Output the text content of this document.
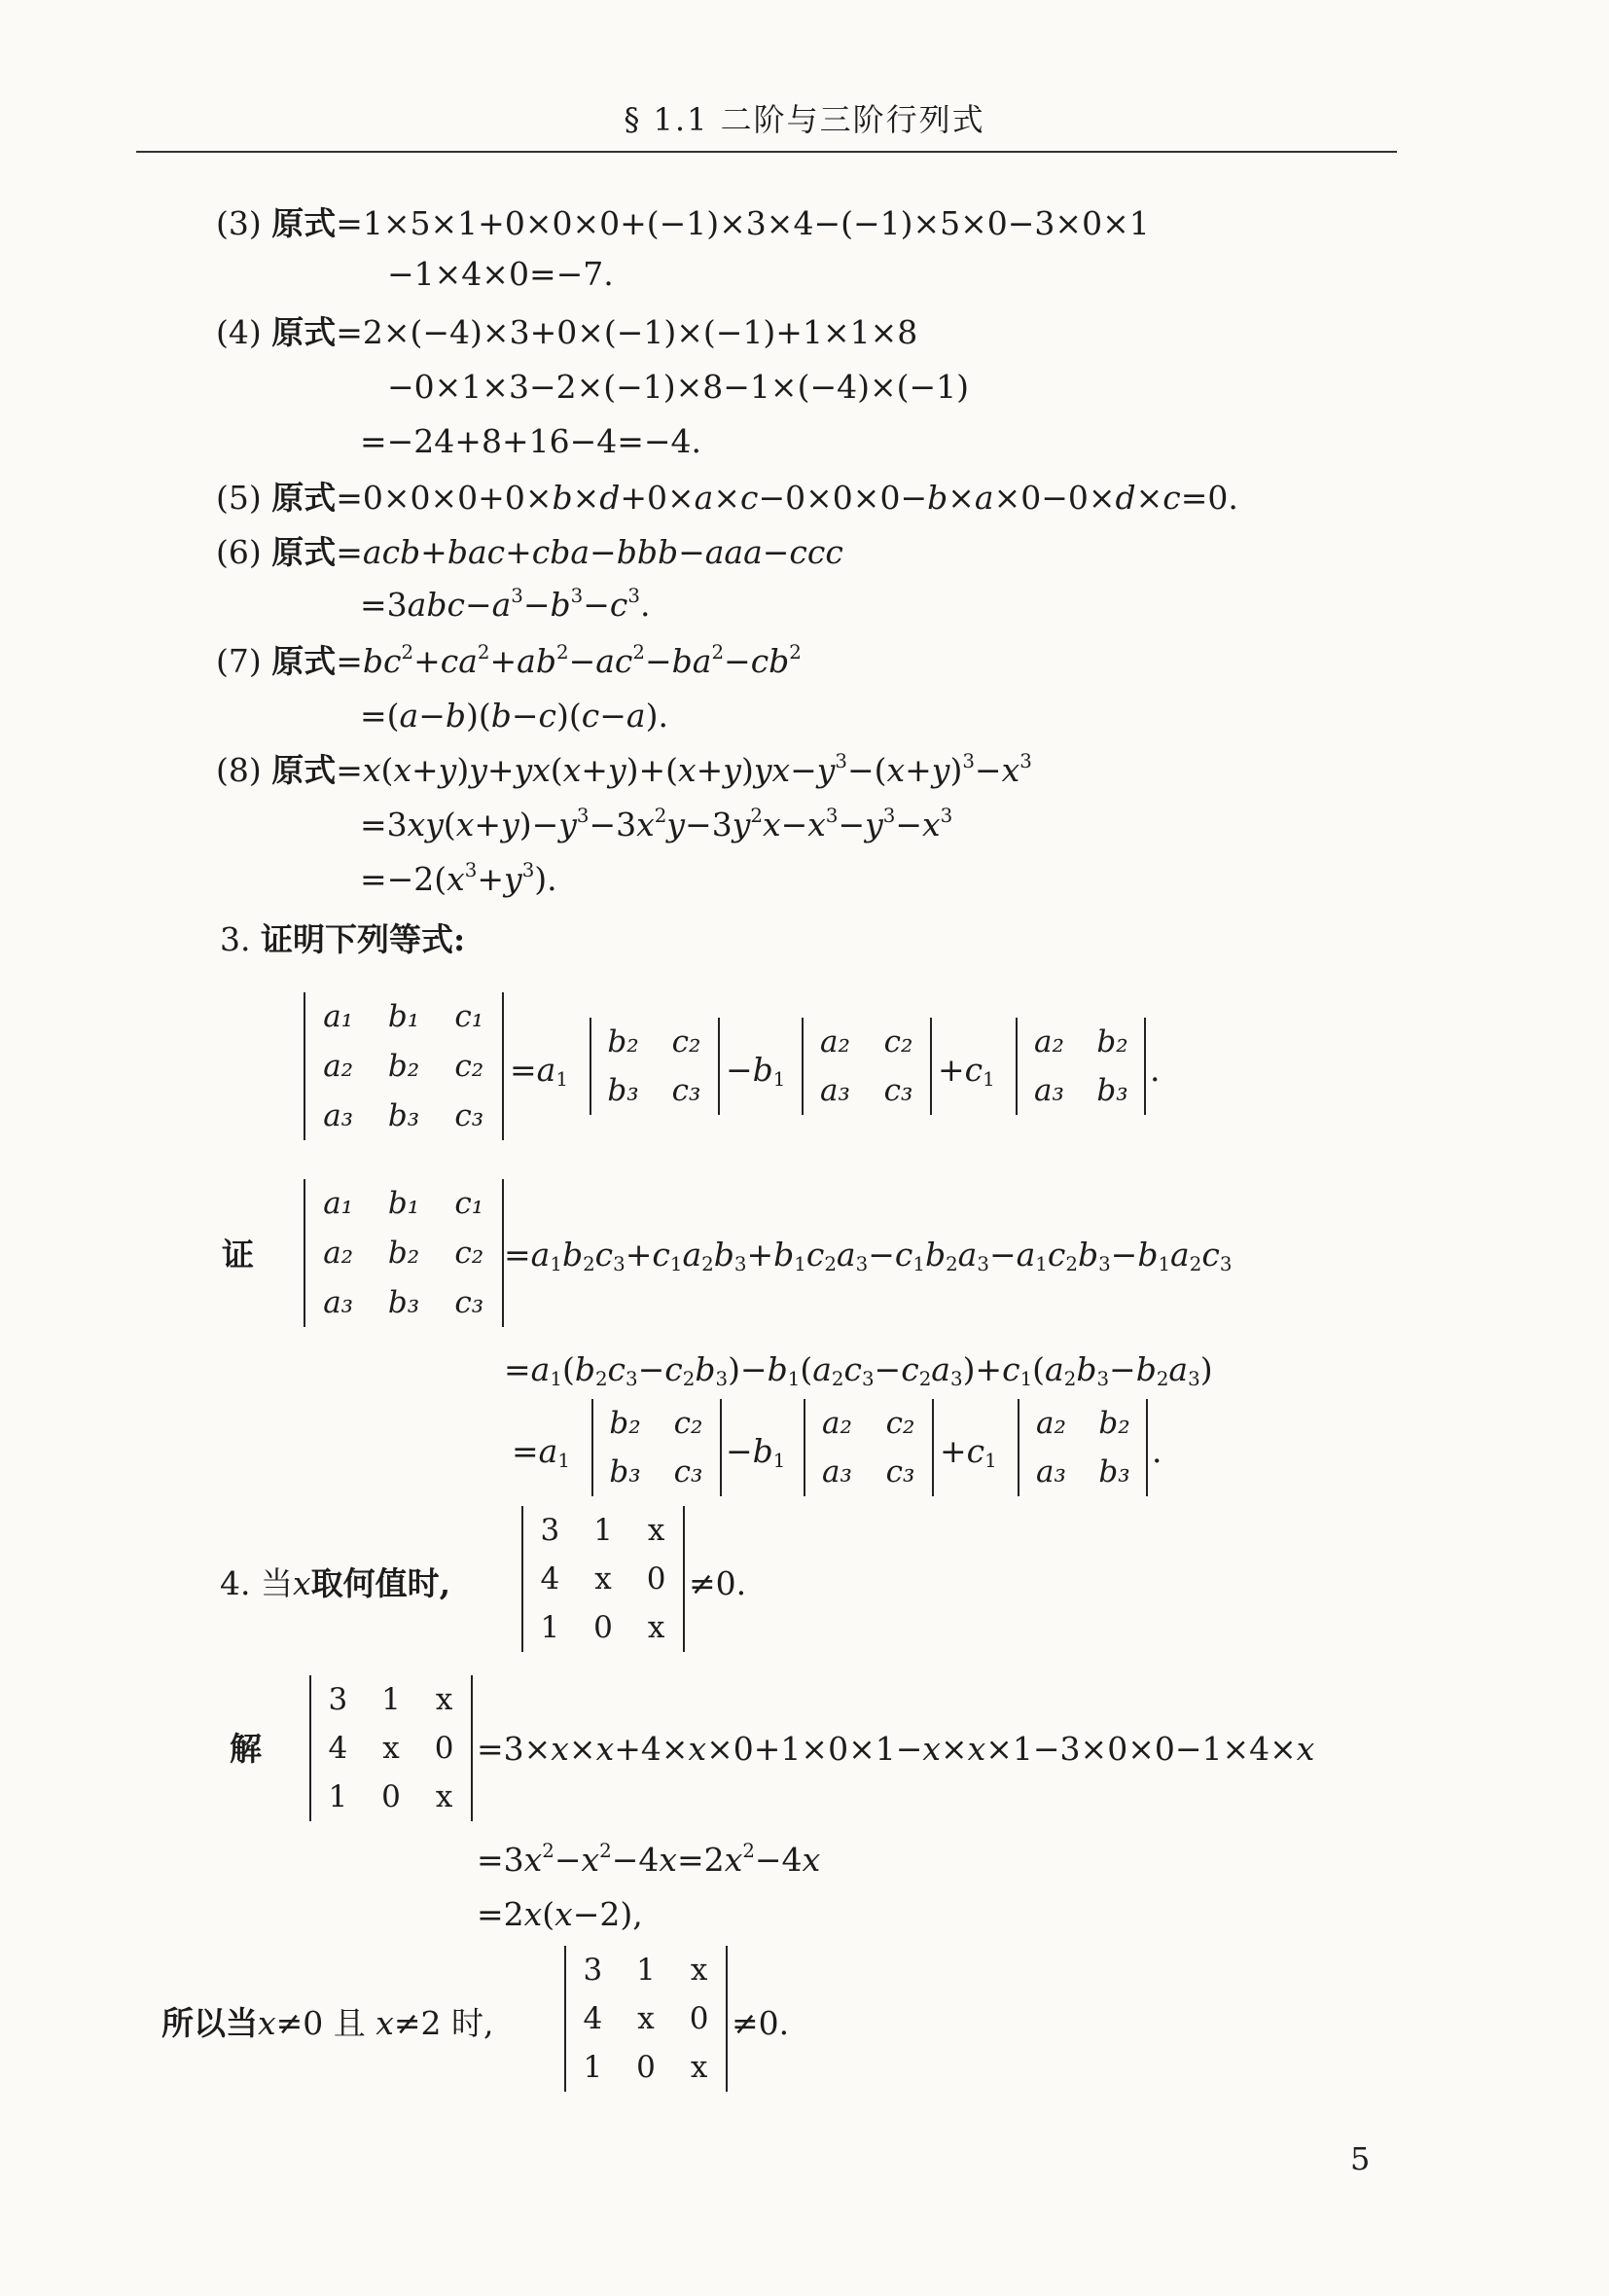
§ 1.1 二阶与三阶行列式
(3) 原式=1×5×1+0×0×0+(−1)×3×4−(−1)×5×0−3×0×1
−1×4×0=−7.
(4) 原式=2×(−4)×3+0×(−1)×(−1)+1×1×8
−0×1×3−2×(−1)×8−1×(−4)×(−1)
=−24+8+16−4=−4.
(5) 原式=0×0×0+0×b×d+0×a×c−0×0×0−b×a×0−0×d×c=0.
(6) 原式=acb+bac+cba−bbb−aaa−ccc
$=3abc-a^3-b^3-c^3$.
(7) 原式$=bc^2+ca^2+ab^2-ac^2-ba^2-cb^2$
=(a−b)(b−c)(c−a).
(8) 原式$=x(x+y)y+yx(x+y)+(x+y)yx-y^3-(x+y)^3-x^3$
$=3xy(x+y)-y^3-3x^2y-3y^2x-x^3-y^3-x^3$
$=-2(x^3+y^3)$.
3. 证明下列等式:
a₁ b₁ c₁
a₂ b₂ c₂
a₃ b₃ c₃
$=a_1$
b₂ c₂
b₃ c₃
$-b_1$
a₂ c₂
a₃ c₃
$+c_1$
a₂ b₂
a₃ b₃
.
证
a₁ b₁ c₁
a₂ b₂ c₂
a₃ b₃ c₃
$=a_1b_2c_3+c_1a_2b_3+b_1c_2a_3-c_1b_2a_3-a_1c_2b_3-b_1a_2c_3$
$=a_1(b_2c_3-c_2b_3)-b_1(a_2c_3-c_2a_3)+c_1(a_2b_3-b_2a_3)$
$=a_1$
b₂ c₂
b₃ c₃
$-b_1$
a₂ c₂
a₃ c₃
$+c_1$
a₂ b₂
a₃ b₃
.
4. 当x取何值时,
3 1 x
4 x 0
1 0 x
≠0.
解
3 1 x
4 x 0
1 0 x
=3×x×x+4×x×0+1×0×1−x×x×1−3×0×0−1×4×x
$=3x^2-x^2-4x=2x^2-4x$
=2x(x−2),
所以当x≠0 且 x≠2 时,
3 1 x
4 x 0
1 0 x
≠0.
5
